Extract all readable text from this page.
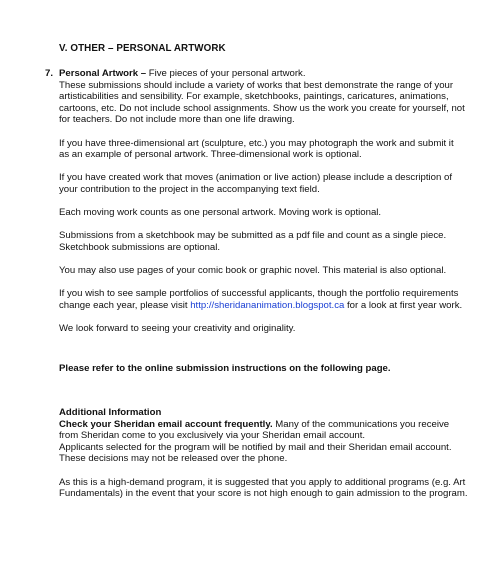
V. OTHER – PERSONAL ARTWORK
7. Personal Artwork – Five pieces of your personal artwork.
These submissions should include a variety of works that best demonstrate the range of your artisticabilities and sensibility. For example, sketchbooks, paintings, caricatures, animations, cartoons, etc. Do not include school assignments. Show us the work you create for yourself, not for teachers. Do not include more than one life drawing.
If you have three-dimensional art (sculpture, etc.) you may photograph the work and submit it as an example of personal artwork. Three-dimensional work is optional.
If you have created work that moves (animation or live action) please include a description of your contribution to the project in the accompanying text field.
Each moving work counts as one personal artwork. Moving work is optional.
Submissions from a sketchbook may be submitted as a pdf file and count as a single piece. Sketchbook submissions are optional.
You may also use pages of your comic book or graphic novel. This material is also optional.
If you wish to see sample portfolios of successful applicants, though the portfolio requirements change each year, please visit http://sheridananimation.blogspot.ca for a look at first year work.
We look forward to seeing your creativity and originality.
Please refer to the online submission instructions on the following page.
Additional Information
Check your Sheridan email account frequently. Many of the communications you receive from Sheridan come to you exclusively via your Sheridan email account.
Applicants selected for the program will be notified by mail and their Sheridan email account. These decisions may not be released over the phone.
As this is a high-demand program, it is suggested that you apply to additional programs (e.g. Art Fundamentals) in the event that your score is not high enough to gain admission to the program.
